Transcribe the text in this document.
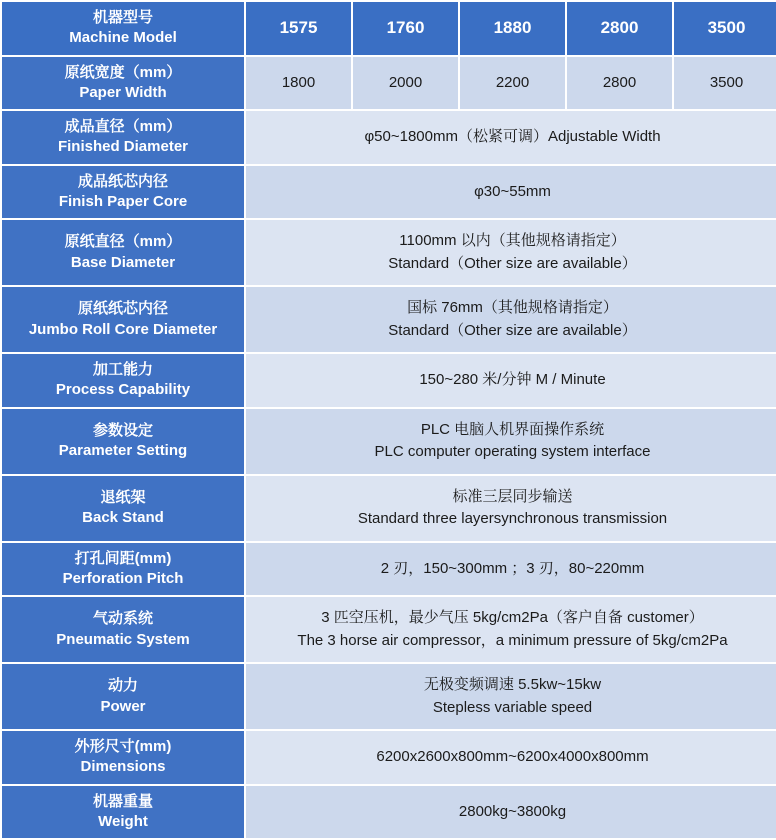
机器型号
Machine Model	1575	1760	1880	2800	3500

原纸宽度（mm）
Paper Width	1800	2000	2200	2800	3500

成品直径（mm）
Finished Diameter	φ50~1800mm（松紧可调）Adjustable Width				

成品纸芯内径
Finish Paper Core	φ30~55mm				

原纸直径（mm）
Base Diameter	1100mm 以内（其他规格请指定）
Standard（Other size are available）				

原纸纸芯内径
Jumbo Roll Core Diameter	国标 76mm（其他规格请指定）
Standard（Other size are available）				

加工能力
Process Capability	150~280 米/分钟 M / Minute				

参数设定
Parameter Setting	PLC 电脑人机界面操作系统
PLC computer operating system interface				

退纸架
Back Stand	标准三层同步输送
Standard three layersynchronous transmission				

打孔间距(mm)
Perforation Pitch	2 刃，150~300mm ；3 刃，80~220mm				

气动系统
Pneumatic System	3 匹空压机，最少气压 5kg/cm2Pa（客户自备 customer）
The 3 horse air compressor，a minimum pressure of 5kg/cm2Pa				

动力
Power	无极变频调速 5.5kw~15kw
Stepless variable speed				

外形尺寸(mm)
Dimensions	6200x2600x800mm~6200x4000x800mm				

机器重量
Weight	2800kg~3800kg				
